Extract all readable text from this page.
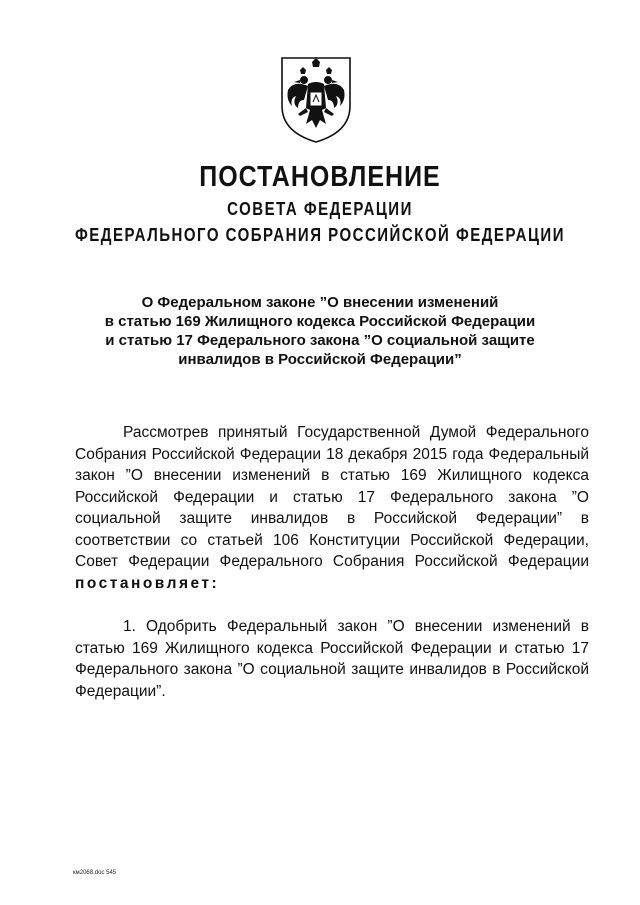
ПОСТАНОВЛЕНИЕ
СОВЕТА ФЕДЕРАЦИИ
ФЕДЕРАЛЬНОГО СОБРАНИЯ РОССИЙСКОЙ ФЕДЕРАЦИИ
О Федеральном законе ”О внесении изменений
в статью 169 Жилищного кодекса Российской Федерации
и статью 17 Федерального закона ”О социальной защите
инвалидов в Российской Федерации”

Рассмотрев принятый Государственной Думой Федерального Собрания Российской Федерации 18 декабря 2015 года Федеральный закон ”О внесении изменений в статью 169 Жилищного кодекса Российской Федерации и статью 17 Федерального закона ”О социальной защите инвалидов в Российской Федерации” в соответствии со статьей 106 Конституции Российской Федерации, Совет Федерации Федерального Собрания Российской Федерации постановляет:

1. Одобрить Федеральный закон ”О внесении изменений в статью 169 Жилищного кодекса Российской Федерации и статью 17 Федерального закона ”О социальной защите инвалидов в Российской Федерации”.

км2068.doc 545
